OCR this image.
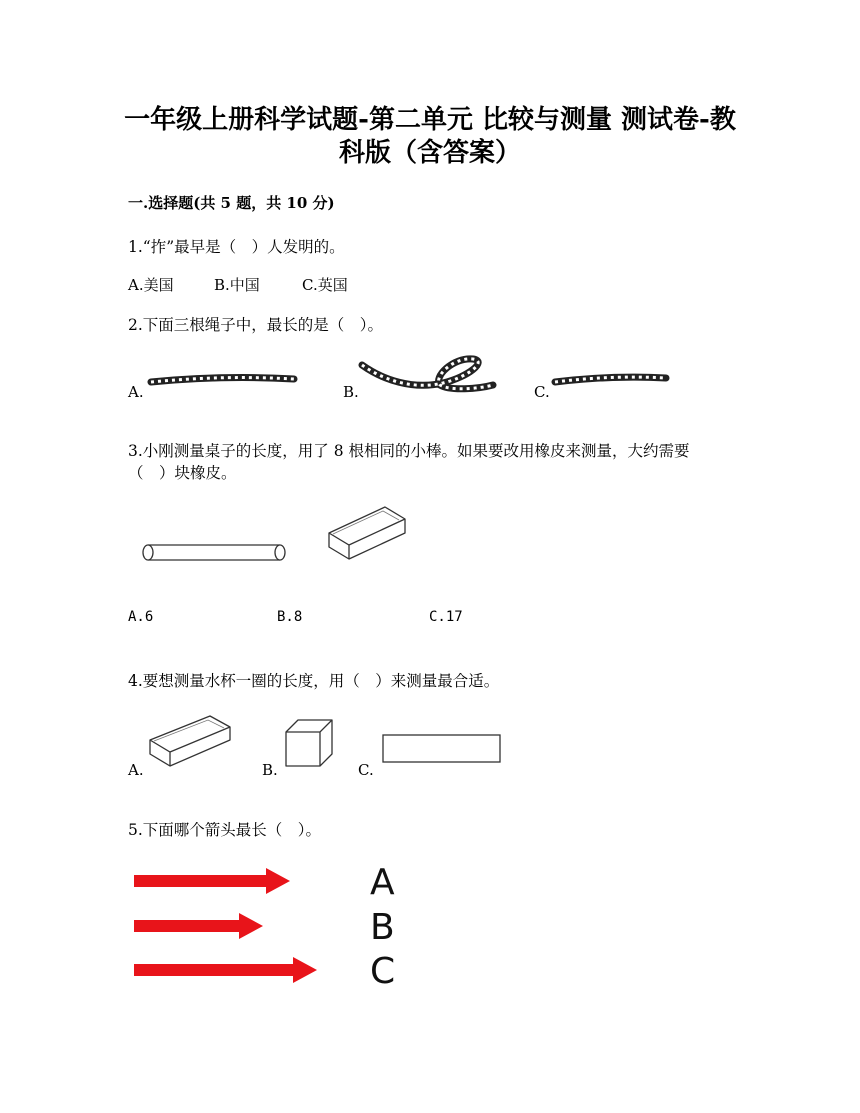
一年级上册科学试题-第二单元 比较与测量 测试卷-教
科版（含答案）
一.选择题(共 5 题，共 10 分)
1.“拃”最早是（　）人发明的。
A.美国	B.中国	C.英国
2.下面三根绳子中，最长的是（　）。
A.	B.	C.
3.小刚测量桌子的长度，用了 8 根相同的小棒。如果要改用橡皮来测量，大约需要
（　）块橡皮。
A.6	B.8	C.17
4.要想测量水杯一圈的长度，用（　）来测量最合适。
A.	B.	C.
5.下面哪个箭头最长（　）。
A
B
C
